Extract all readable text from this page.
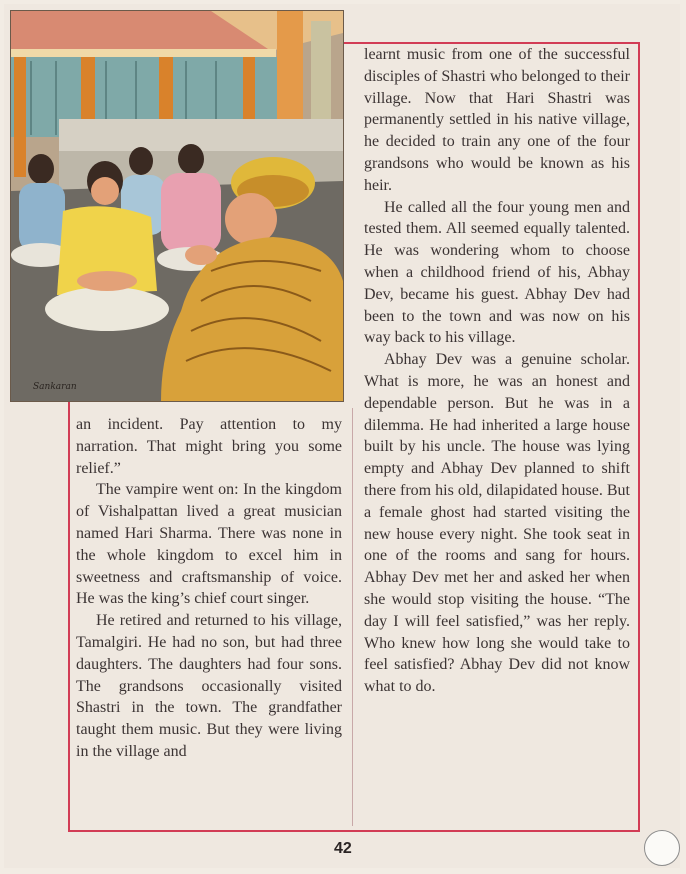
Sankaran

learnt music from one of the successful disciples of Shastri who belonged to their village. Now that Hari Shastri was permanently settled in his native village, he decided to train any one of the four grandsons who would be known as his heir.

He called all the four young men and tested them. All seemed equally talented. He was wondering whom to choose when a childhood friend of his, Abhay Dev, became his guest. Abhay Dev had been to the town and was now on his way back to his village.

Abhay Dev was a genuine scholar. What is more, he was an honest and dependable person. But he was in a dilemma. He had inherited a large house built by his uncle. The house was lying empty and Abhay Dev planned to shift there from his old, dilapidated house. But a female ghost had started visiting the new house every night. She took seat in one of the rooms and sang for hours. Abhay Dev met her and asked her when she would stop visiting the house. “The day I will feel satisfied,” was her reply. Who knew how long she would take to feel satisfied? Abhay Dev did not know what to do.

an incident. Pay attention to my narration. That might bring you some relief.”

The vampire went on: In the kingdom of Vishalpattan lived a great musician named Hari Sharma. There was none in the whole kingdom to excel him in sweetness and craftsmanship of voice. He was the king’s chief court singer.

He retired and returned to his village, Tamalgiri. He had no son, but had three daughters. The daughters had four sons. The grandsons occasionally visited Shastri in the town. The grandfather taught them music. But they were living in the village and

42
